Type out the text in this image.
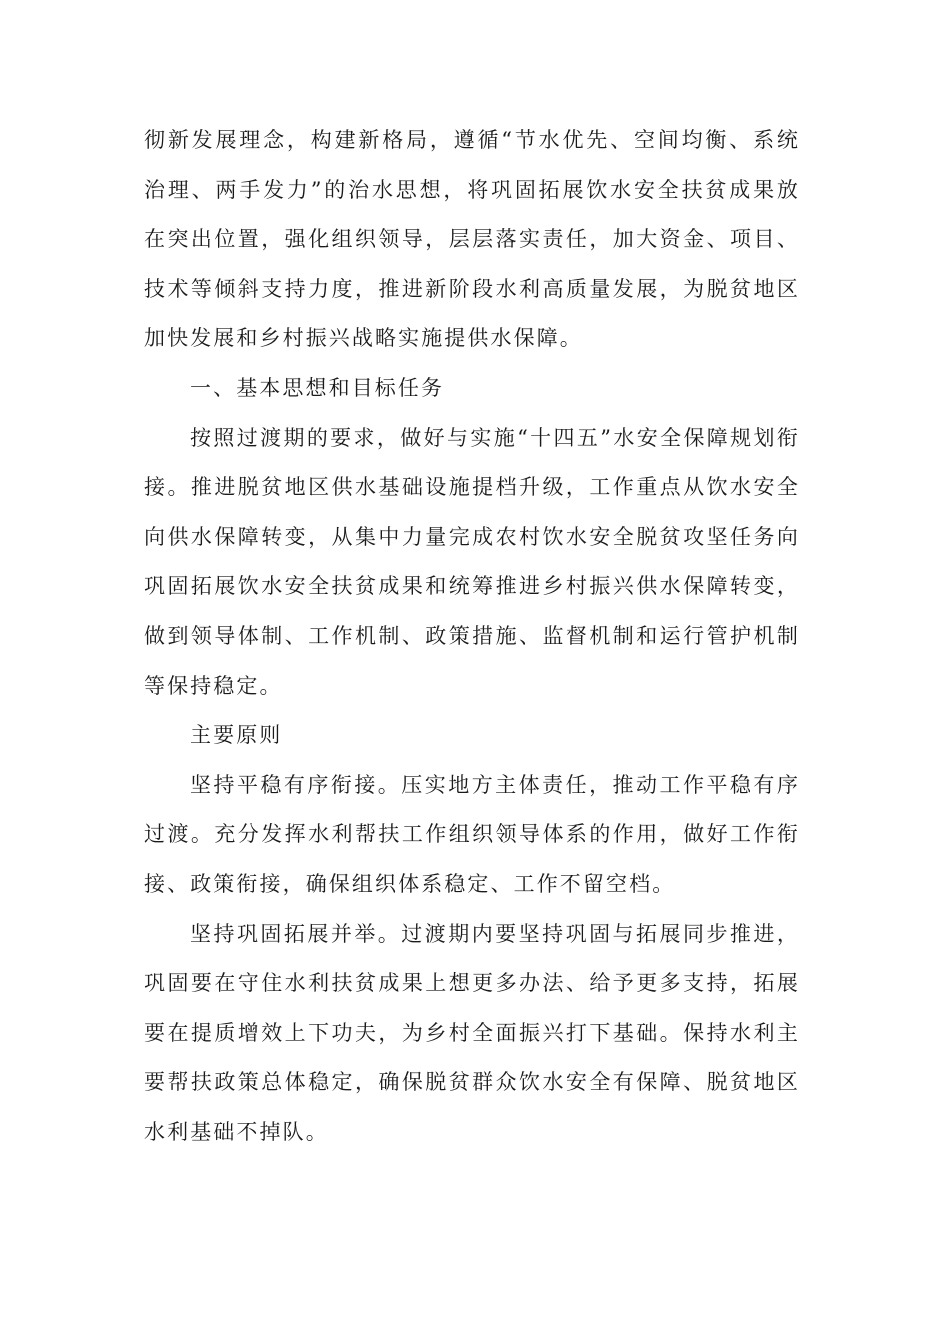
彻新发展理念，构建新格局，遵循“节水优先、空间均衡、系统治理、两手发力”的治水思想，将巩固拓展饮水安全扶贫成果放在突出位置，强化组织领导，层层落实责任，加大资金、项目、技术等倾斜支持力度，推进新阶段水利高质量发展，为脱贫地区加快发展和乡村振兴战略实施提供水保障。

一、基本思想和目标任务

按照过渡期的要求，做好与实施“十四五”水安全保障规划衔接。推进脱贫地区供水基础设施提档升级，工作重点从饮水安全向供水保障转变，从集中力量完成农村饮水安全脱贫攻坚任务向巩固拓展饮水安全扶贫成果和统筹推进乡村振兴供水保障转变，做到领导体制、工作机制、政策措施、监督机制和运行管护机制等保持稳定。

主要原则

坚持平稳有序衔接。压实地方主体责任，推动工作平稳有序过渡。充分发挥水利帮扶工作组织领导体系的作用，做好工作衔接、政策衔接，确保组织体系稳定、工作不留空档。

坚持巩固拓展并举。过渡期内要坚持巩固与拓展同步推进，巩固要在守住水利扶贫成果上想更多办法、给予更多支持，拓展要在提质增效上下功夫，为乡村全面振兴打下基础。保持水利主要帮扶政策总体稳定，确保脱贫群众饮水安全有保障、脱贫地区水利基础不掉队。
